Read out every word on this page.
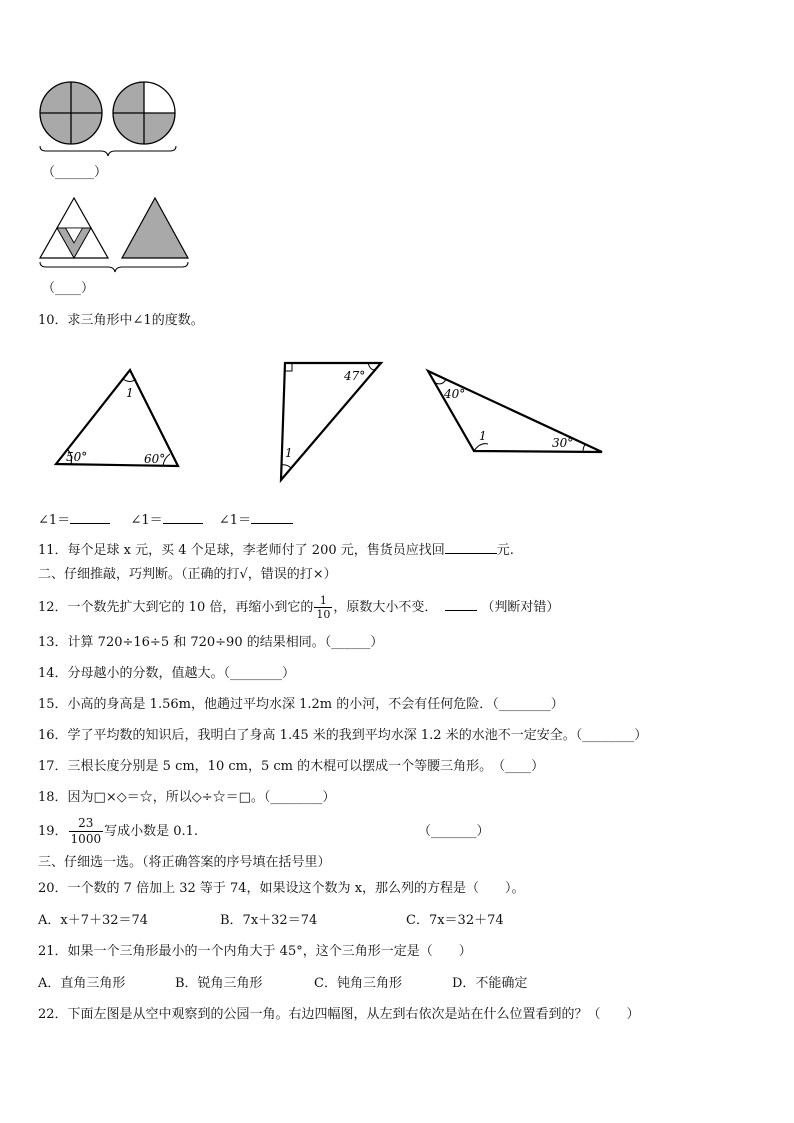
（______）
（____）
10．求三角形中∠1的度数。
1
50°	60°
47°
1
40°
1	30°
∠1＝	∠1＝	∠1＝
11．每个足球 x 元，买 4 个足球，李老师付了 200 元，售货员应找回	元.
二、仔细推敲，巧判断。（正确的打√，错误的打×）
12．一个数先扩大到它的 10 倍，再缩小到它的 $\frac{1}{10}$ ，原数大小不变．	（判断对错）
13．计算 720÷16÷5 和 720÷90 的结果相同。（______）
14．分母越小的分数，值越大。（________）
15．小高的身高是 1.56m，他趟过平均水深 1.2m 的小河，不会有任何危险．（________）
16．学了平均数的知识后，我明白了身高 1.45 米的我到平均水深 1.2 米的水池不一定安全。（________）
17．三根长度分别是 5 cm，10 cm，5 cm 的木棍可以摆成一个等腰三角形。　（____）
18．因为□×◇＝☆，所以◇÷☆＝□。（________）
19． $\frac{23}{1000}$ 写成小数是 0.1.	（_______）
三、仔细选一选。（将正确答案的序号填在括号里）
20．一个数的 7 倍加上 32 等于 74，如果设这个数为 x，那么列的方程是（　　）。
A．x＋7＋32＝74	B．7x＋32＝74	C．7x＝32＋74
21．如果一个三角形最小的一个内角大于 45°，这个三角形一定是（　　）
A．直角三角形	B．锐角三角形	C．钝角三角形	D．不能确定
22．下面左图是从空中观察到的公园一角。右边四幅图，从左到右依次是站在什么位置看到的？（　　）
